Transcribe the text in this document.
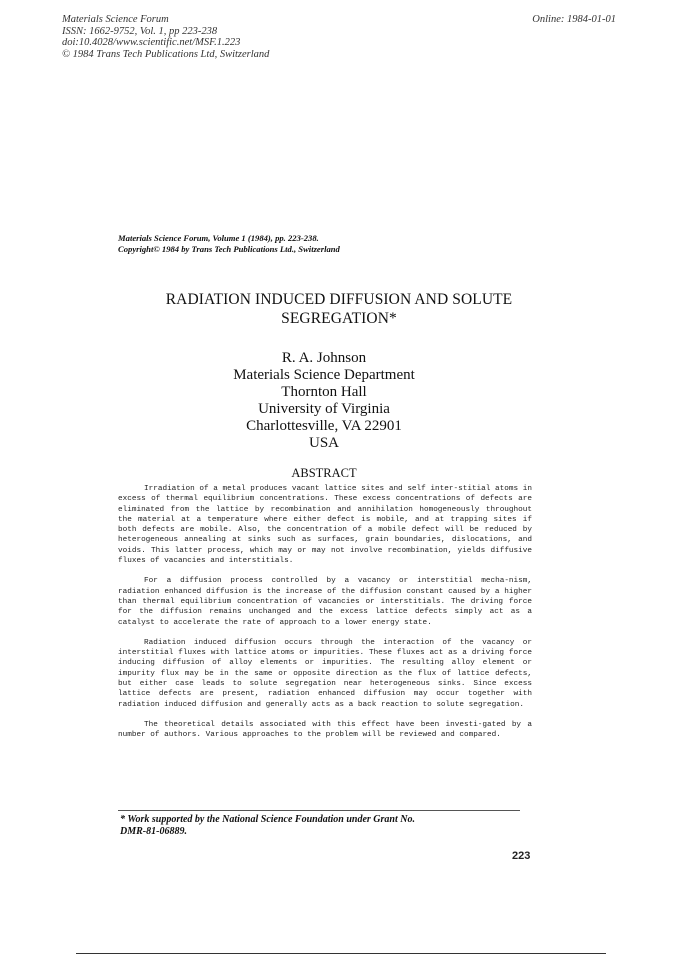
Materials Science Forum
ISSN: 1662-9752, Vol. 1, pp 223-238
doi:10.4028/www.scientific.net/MSF.1.223
© 1984 Trans Tech Publications Ltd, Switzerland
Online: 1984-01-01
Materials Science Forum, Volume 1 (1984), pp. 223-238.
Copyright© 1984 by Trans Tech Publications Ltd., Switzerland
RADIATION INDUCED DIFFUSION AND SOLUTE
SEGREGATION*
R. A. Johnson
Materials Science Department
Thornton Hall
University of Virginia
Charlottesville, VA 22901
USA
ABSTRACT

Irradiation of a metal produces vacant lattice sites and self inter-stitial atoms in excess of thermal equilibrium concentrations. These excess concentrations of defects are eliminated from the lattice by recombination and annihilation homogeneously throughout the material at a temperature where either defect is mobile, and at trapping sites if both defects are mobile. Also, the concentration of a mobile defect will be reduced by heterogeneous annealing at sinks such as surfaces, grain boundaries, dislocations, and voids. This latter process, which may or may not involve recombination, yields diffusive fluxes of vacancies and interstitials.

For a diffusion process controlled by a vacancy or interstitial mecha-nism, radiation enhanced diffusion is the increase of the diffusion constant caused by a higher than thermal equilibrium concentration of vacancies or interstitials. The driving force for the diffusion remains unchanged and the excess lattice defects simply act as a catalyst to accelerate the rate of approach to a lower energy state.

Radiation induced diffusion occurs through the interaction of the vacancy or interstitial fluxes with lattice atoms or impurities. These fluxes act as a driving force inducing diffusion of alloy elements or impurities. The resulting alloy element or impurity flux may be in the same or opposite direction as the flux of lattice defects, but either case leads to solute segregation near heterogeneous sinks. Since excess lattice defects are present, radiation enhanced diffusion may occur together with radiation induced diffusion and generally acts as a back reaction to solute segregation.

The theoretical details associated with this effect have been investi-gated by a number of authors. Various approaches to the problem will be reviewed and compared.

* Work supported by the National Science Foundation under Grant No.
DMR-81-06889.
223
